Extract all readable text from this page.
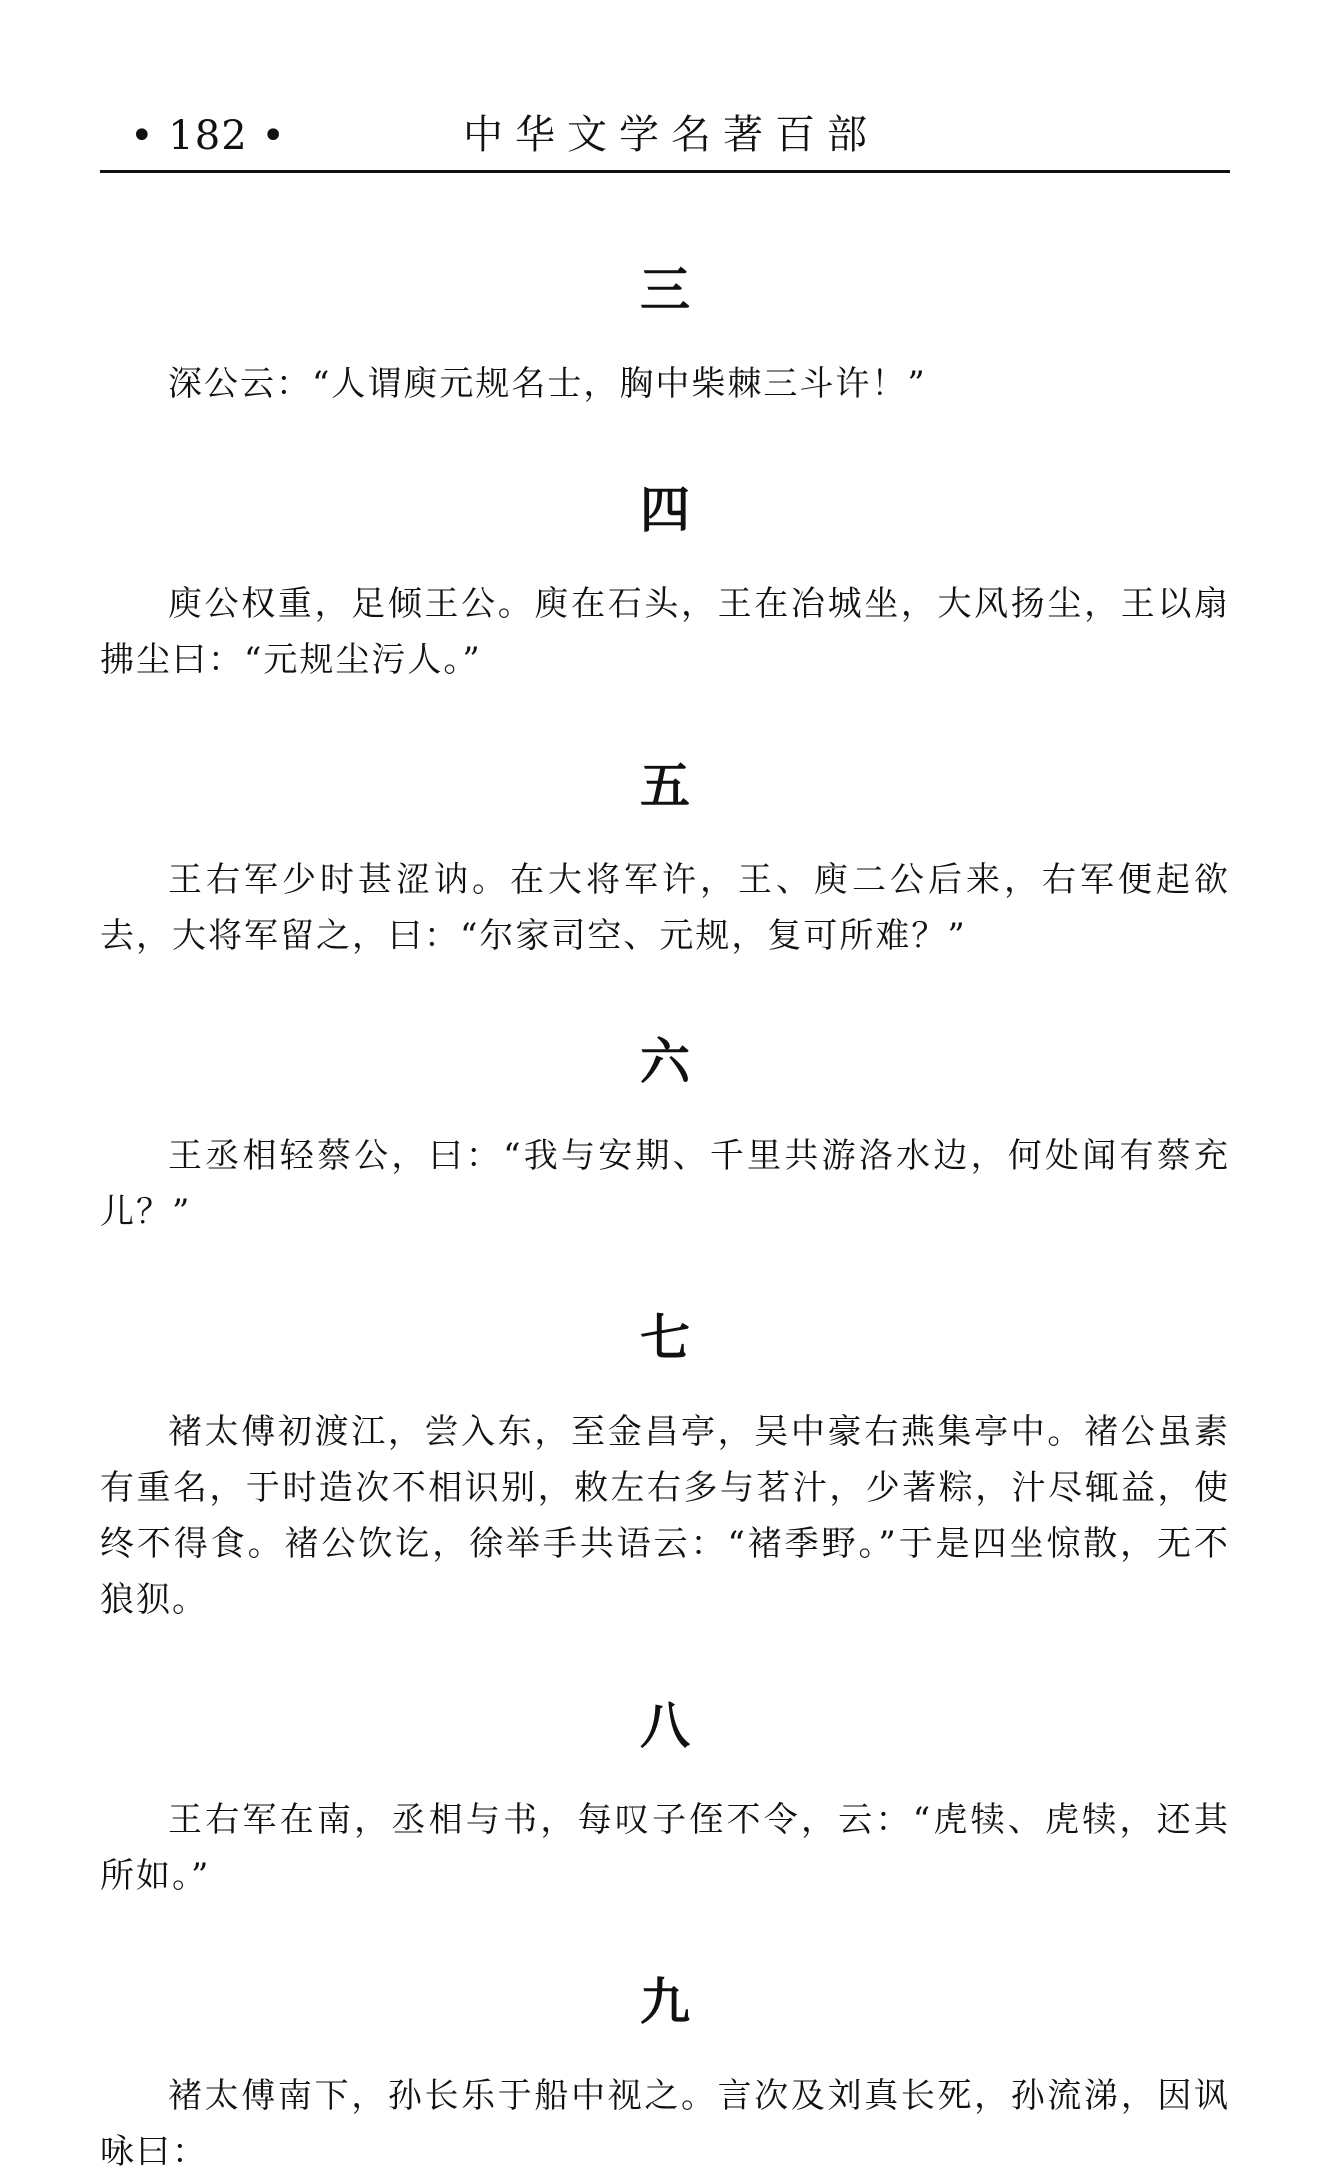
• 182 •	中华文学名著百部
三

深公云：“人谓庾元规名士，胸中柴棘三斗许！”

四

庾公权重，足倾王公。庾在石头，王在冶城坐，大风扬尘，王以扇拂尘曰：“元规尘污人。”

五

王右军少时甚涩讷。在大将军许，王、庾二公后来，右军便起欲去，大将军留之，曰：“尔家司空、元规，复可所难？”

六

王丞相轻蔡公，曰：“我与安期、千里共游洛水边，何处闻有蔡充儿？”

七

褚太傅初渡江，尝入东，至金昌亭，吴中豪右燕集亭中。褚公虽素有重名，于时造次不相识别，敕左右多与茗汁，少著粽，汁尽辄益，使终不得食。褚公饮讫，徐举手共语云：“褚季野。”于是四坐惊散，无不狼狈。

八

王右军在南，丞相与书，每叹子侄不令，云：“虎犊、虎犊，还其所如。”

九

褚太傅南下，孙长乐于船中视之。言次及刘真长死，孙流涕，因讽咏曰：
